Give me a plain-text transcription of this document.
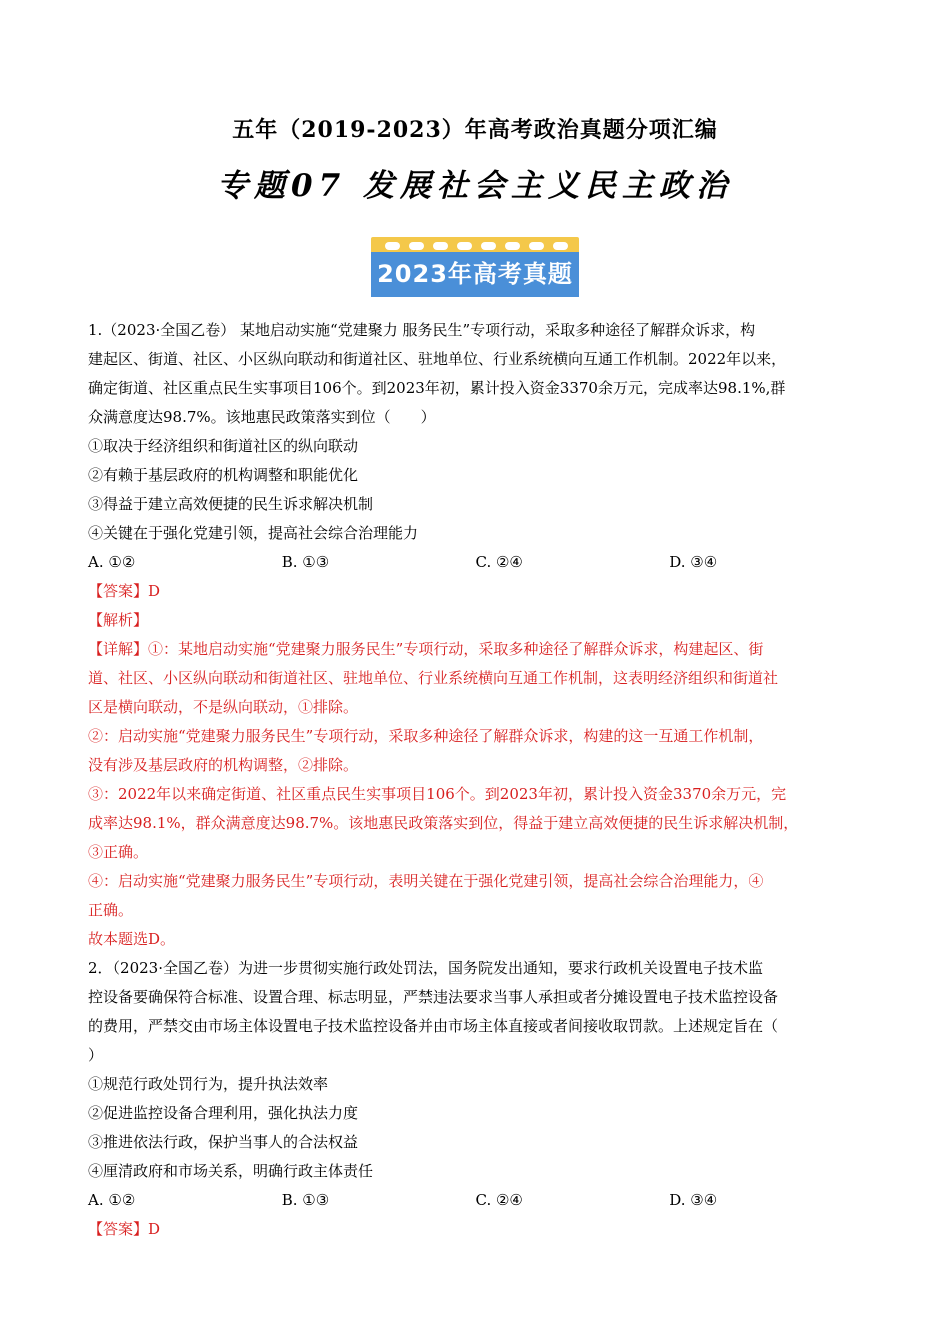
五年（2019-2023）年高考政治真题分项汇编
专题07 发展社会主义民主政治
2023年高考真题
1.（2023·全国乙卷） 某地启动实施“党建聚力 服务民生”专项行动，采取多种途径了解群众诉求，构
建起区、街道、社区、小区纵向联动和街道社区、驻地单位、行业系统横向互通工作机制。2022年以来，
确定街道、社区重点民生实事项目106个。到2023年初，累计投入资金3370余万元，完成率达98.1%,群
众满意度达98.7%。该地惠民政策落实到位（　　）
①取决于经济组织和街道社区的纵向联动
②有赖于基层政府的机构调整和职能优化
③得益于建立高效便捷的民生诉求解决机制
④关键在于强化党建引领，提高社会综合治理能力
A. ①②	B. ①③	C. ②④	D. ③④
【答案】D
【解析】
【详解】①：某地启动实施“党建聚力服务民生”专项行动，采取多种途径了解群众诉求，构建起区、街
道、社区、小区纵向联动和街道社区、驻地单位、行业系统横向互通工作机制，这表明经济组织和街道社
区是横向联动，不是纵向联动，①排除。
②：启动实施“党建聚力服务民生”专项行动，采取多种途径了解群众诉求，构建的这一互通工作机制，
没有涉及基层政府的机构调整，②排除。
③：2022年以来确定街道、社区重点民生实事项目106个。到2023年初，累计投入资金3370余万元，完
成率达98.1%，群众满意度达98.7%。该地惠民政策落实到位，得益于建立高效便捷的民生诉求解决机制，
③正确。
④：启动实施“党建聚力服务民生”专项行动，表明关键在于强化党建引领，提高社会综合治理能力，④
正确。
故本题选D。
2．（2023·全国乙卷）为进一步贯彻实施行政处罚法，国务院发出通知，要求行政机关设置电子技术监
控设备要确保符合标准、设置合理、标志明显，严禁违法要求当事人承担或者分摊设置电子技术监控设备
的费用，严禁交由市场主体设置电子技术监控设备并由市场主体直接或者间接收取罚款。上述规定旨在（
）
①规范行政处罚行为，提升执法效率
②促进监控设备合理利用，强化执法力度
③推进依法行政，保护当事人的合法权益
④厘清政府和市场关系，明确行政主体责任
A. ①②	B. ①③	C. ②④	D. ③④
【答案】D
